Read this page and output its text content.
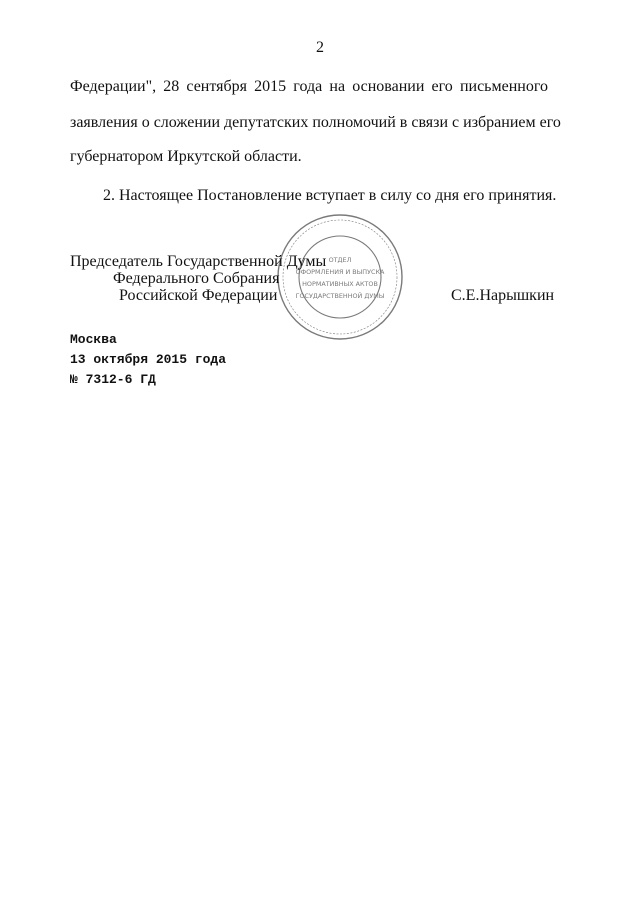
2
Федерации", 28 сентября 2015 года на основании его письменного
заявления о сложении депутатских полномочий в связи с избранием его
губернатором Иркутской области.
2. Настоящее Постановление вступает в силу со дня его принятия.
ОТДЕЛ
ОФОРМЛЕНИЯ И ВЫПУСКА
НОРМАТИВНЫХ АКТОВ
ГОСУДАРСТВЕННОЙ ДУМЫ
Председатель Государственной Думы
Федерального Собрания
Российской Федерации	С.Е.Нарышкин
Москва
13 октября 2015 года
№ 7312-6 ГД
